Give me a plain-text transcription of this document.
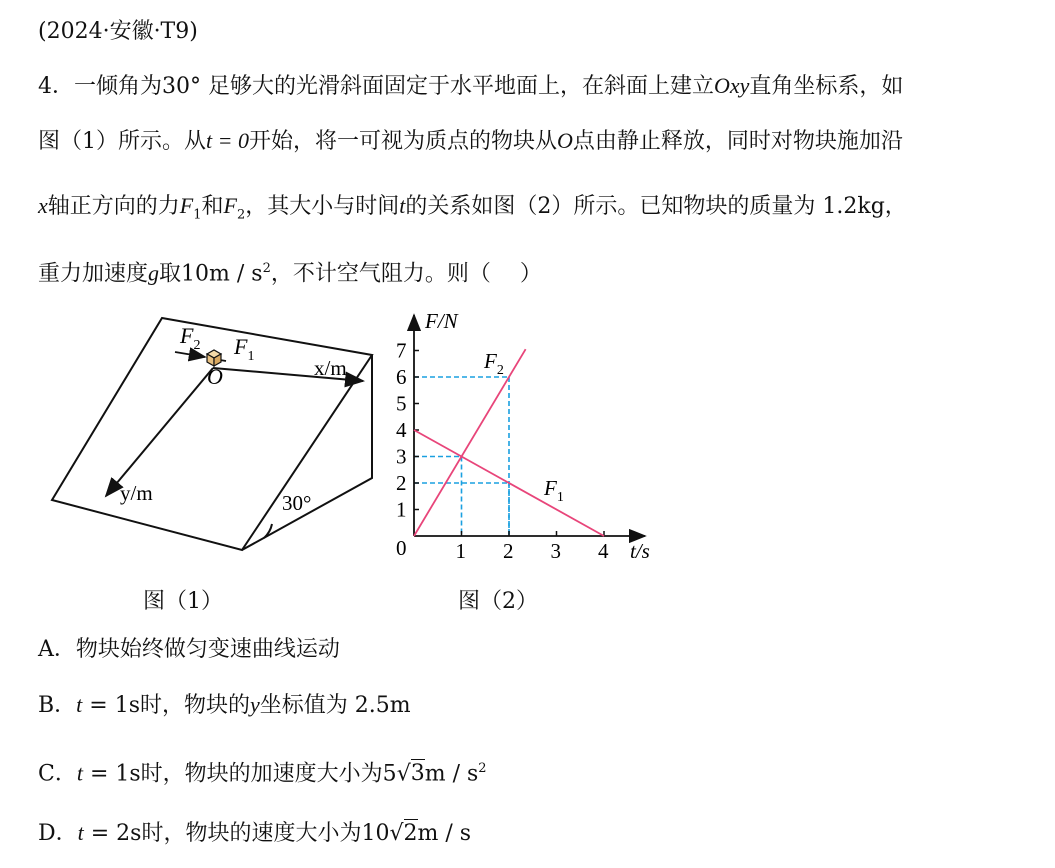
(2024·安徽·T9)
4．一倾角为30° 足够大的光滑斜面固定于水平地面上，在斜面上建立Oxy直角坐标系，如
图（1）所示。从t = 0开始，将一可视为质点的物块从O点由静止释放，同时对物块施加沿
x轴正方向的力$F_1$和$F_2$，其大小与时间t的关系如图（2）所示。已知物块的质量为 1.2kg，
重力加速度g取$10m / s^2$，不计空气阻力。则（　 ）
$F_2$ $F_1$
O	x/m
y/m	30°
图（1）
1 2 3 4
1
2
3
4
5
6
7
F/N
t/s
0
$F_2$
$F_1$
图（2）
A．物块始终做匀变速曲线运动
B．t = 1s时，物块的y坐标值为 2.5m
C．t = 1s时，物块的加速度大小为$5√3m / s^2$
D．t = 2s时，物块的速度大小为10√2m / s
